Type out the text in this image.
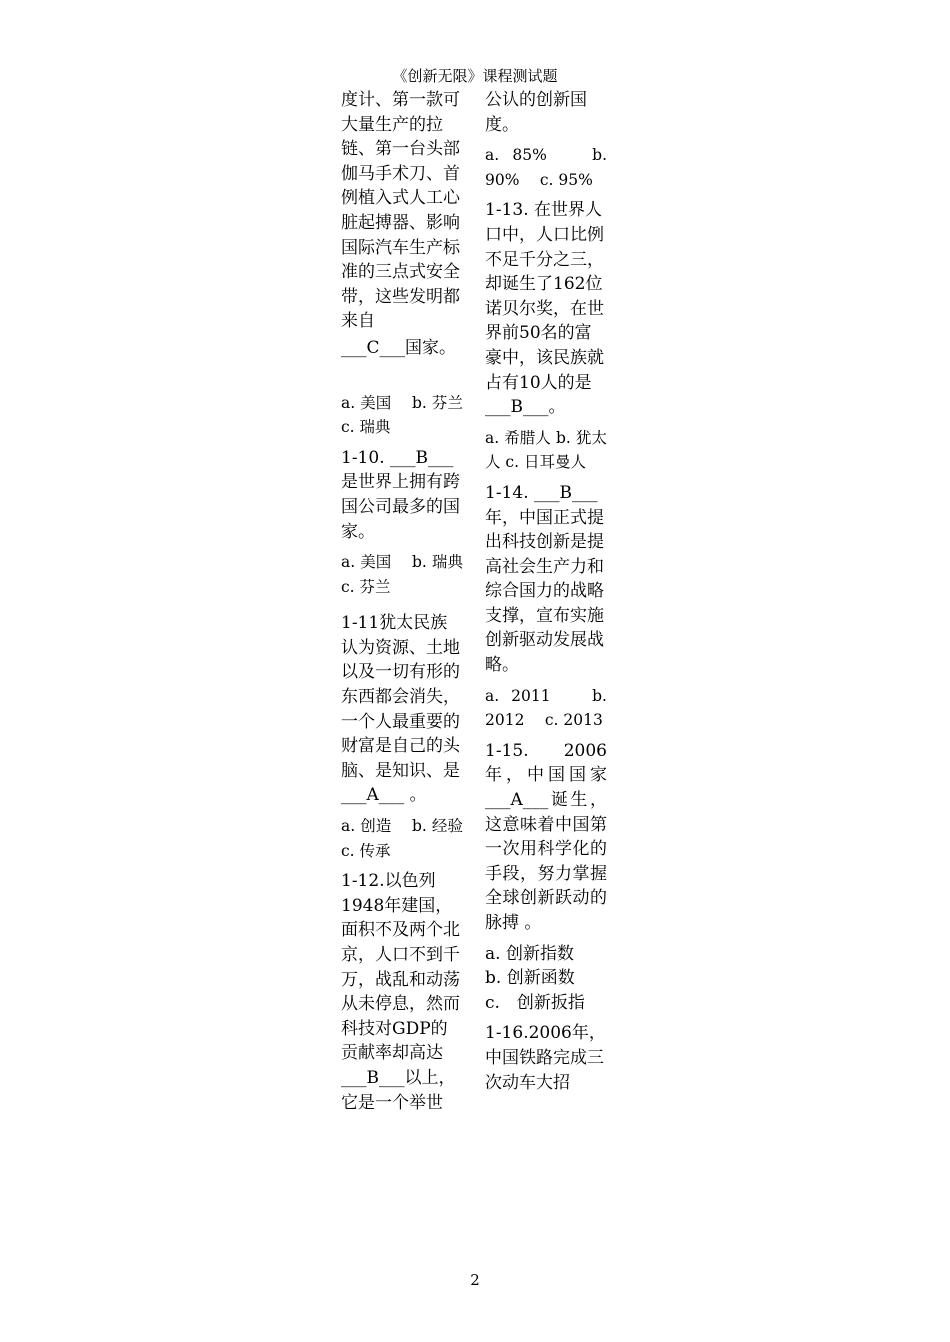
《创新无限》课程测试题

度计、第一款可大量生产的拉链、第一台头部伽马手术刀、首例植入式人工心脏起搏器、影响国际汽车生产标准的三点式安全带，这些发明都来自

___C___国家。

a. 美国　 b. 芬兰　 c. 瑞典

1-10. ___B___是世界上拥有跨国公司最多的国家。

a. 美国　 b. 瑞典　 c. 芬兰

1-11犹太民族认为资源、土地以及一切有形的东西都会消失，一个人最重要的财富是自己的头脑、是知识、是___A___ 。

a. 创造　 b. 经验　 c. 传承

1-12.以色列1948年建国，面积不及两个北京，人口不到千万，战乱和动荡从未停息，然而科技对GDP的贡献率却高达 ___B___以上，它是一个举世

公认的创新国度。

a. 85%　 b. 90%　 c. 95%

1-13. 在世界人口中，人口比例不足千分之三，却诞生了162位诺贝尔奖，在世界前50名的富豪中，该民族就占有10人的是___B___。

a. 希腊人 b. 犹太人 c. 日耳曼人

1-14. ___B___年，中国正式提出科技创新是提高社会生产力和综合国力的战略支撑，宣布实施创新驱动发展战略。

a. 2011　 b. 2012　 c. 2013

1-15. 2006年，中国国家___A___诞生，这意味着中国第一次用科学化的手段，努力掌握全球创新跃动的脉搏 。

a. 创新指数

b. 创新函数

c.　创新扳指

1-16.2006年，中国铁路完成三次动车大招

2
